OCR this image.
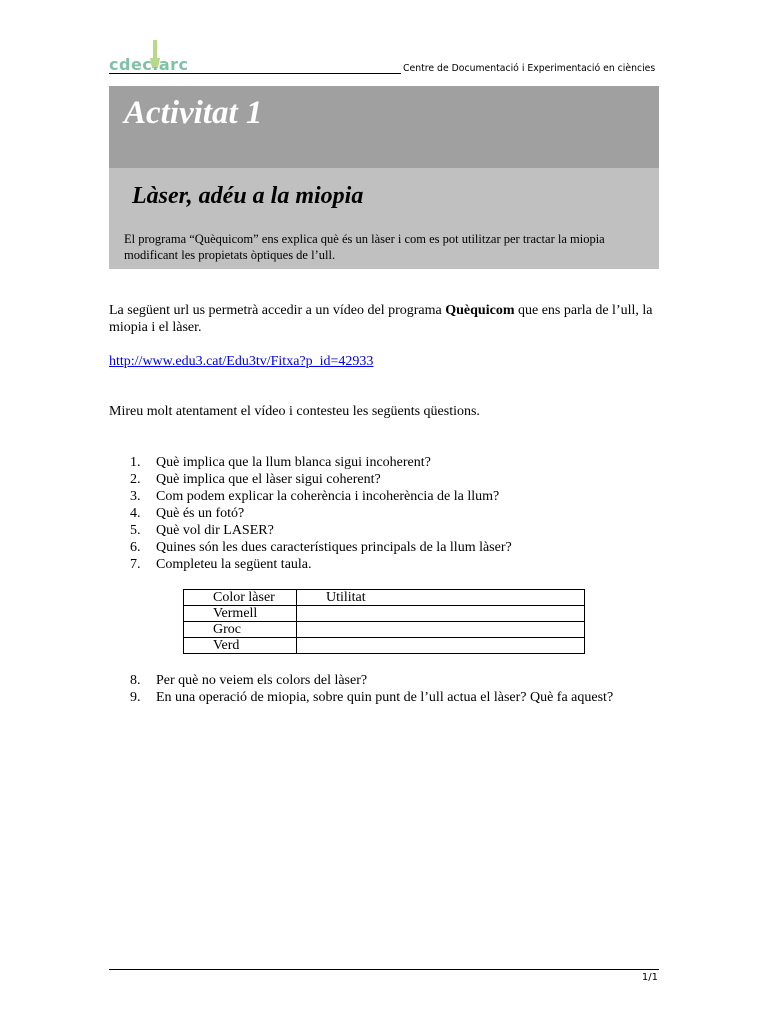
cdec.arc	Centre de Documentació i Experimentació en ciències
Activitat 1
Làser, adéu a la miopia
El programa “Quèquicom” ens explica què és un làser i com es pot utilitzar per tractar la miopia modificant les propietats òptiques de l’ull.

La següent url us permetrà accedir a un vídeo del programa Quèquicom que ens parla de l’ull, la miopia i el làser.

http://www.edu3.cat/Edu3tv/Fitxa?p_id=42933

Mireu molt atentament el vídeo i contesteu les següents qüestions.

1. Què implica que la llum blanca sigui incoherent?
2. Què implica que el làser sigui coherent?
3. Com podem explicar la coherència i incoherència de la llum?
4. Què és un fotó?
5. Què vol dir LASER?
6. Quines són les dues característiques principals de la llum làser?
7. Completeu la següent taula.
Color làser	Utilitat
Vermell	
Groc	
Verd	
8. Per què no veiem els colors del làser?
9. En una operació de miopia, sobre quin punt de l’ull actua el làser? Què fa aquest?
1/1
